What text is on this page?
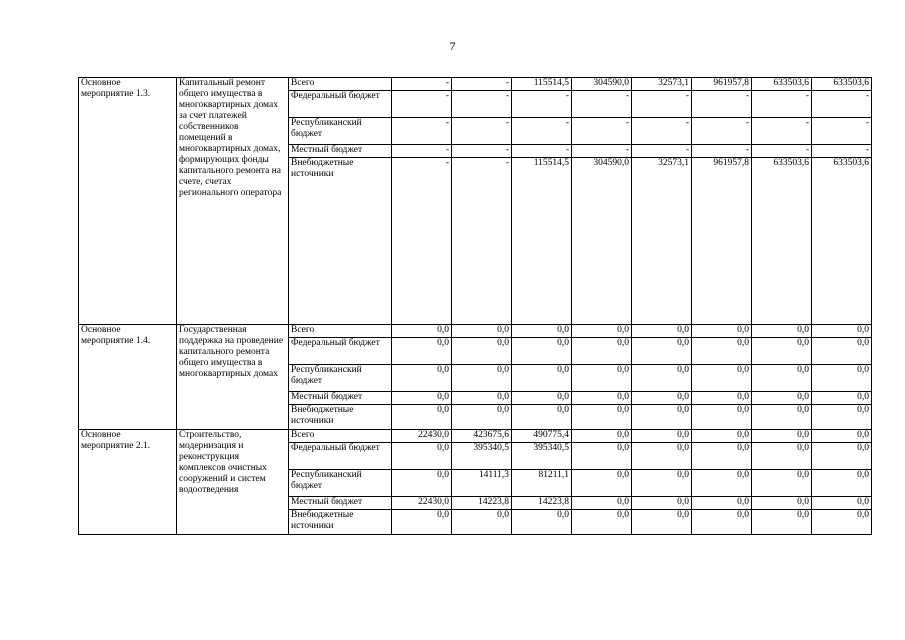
7
Основное мероприятие 1.3.	Капитальный ремонт общего имущества в многоквартирных домах за счет платежей собственников помещений в многоквартирных домах, формирующих фонды капитального ремонта на счете, счетах регионального оператора	Всего	-	-	115514,5	304590,0	32573,1	961957,8	633503,6	633503,6
		Федеральный бюджет	-	-	-	-	-	-	-	-
		Республиканский бюджет	-	-	-	-	-	-	-	-
		Местный бюджет	-	-	-	-	-	-	-	-
		Внебюджетные источники	-	-	115514,5	304590,0	32573,1	961957,8	633503,6	633503,6
Основное мероприятие 1.4.	Государственная поддержка на проведение капитального ремонта общего имущества в многоквартирных домах	Всего	0,0	0,0	0,0	0,0	0,0	0,0	0,0	0,0
		Федеральный бюджет	0,0	0,0	0,0	0,0	0,0	0,0	0,0	0,0
		Республиканский бюджет	0,0	0,0	0,0	0,0	0,0	0,0	0,0	0,0
		Местный бюджет	0,0	0,0	0,0	0,0	0,0	0,0	0,0	0,0
		Внебюджетные источники	0,0	0,0	0,0	0,0	0,0	0,0	0,0	0,0
Основное мероприятие 2.1.	Строительство, модернизация и реконструкция комплексов очистных сооружений и систем водоотведения	Всего	22430,0	423675,6	490775,4	0,0	0,0	0,0	0,0	0,0
		Федеральный бюджет	0,0	395340,5	395340,5	0,0	0,0	0,0	0,0	0,0
		Республиканский бюджет	0,0	14111,3	81211,1	0,0	0,0	0,0	0,0	0,0
		Местный бюджет	22430,0	14223,8	14223,8	0,0	0,0	0,0	0,0	0,0
		Внебюджетные источники	0,0	0,0	0,0	0,0	0,0	0,0	0,0	0,0
